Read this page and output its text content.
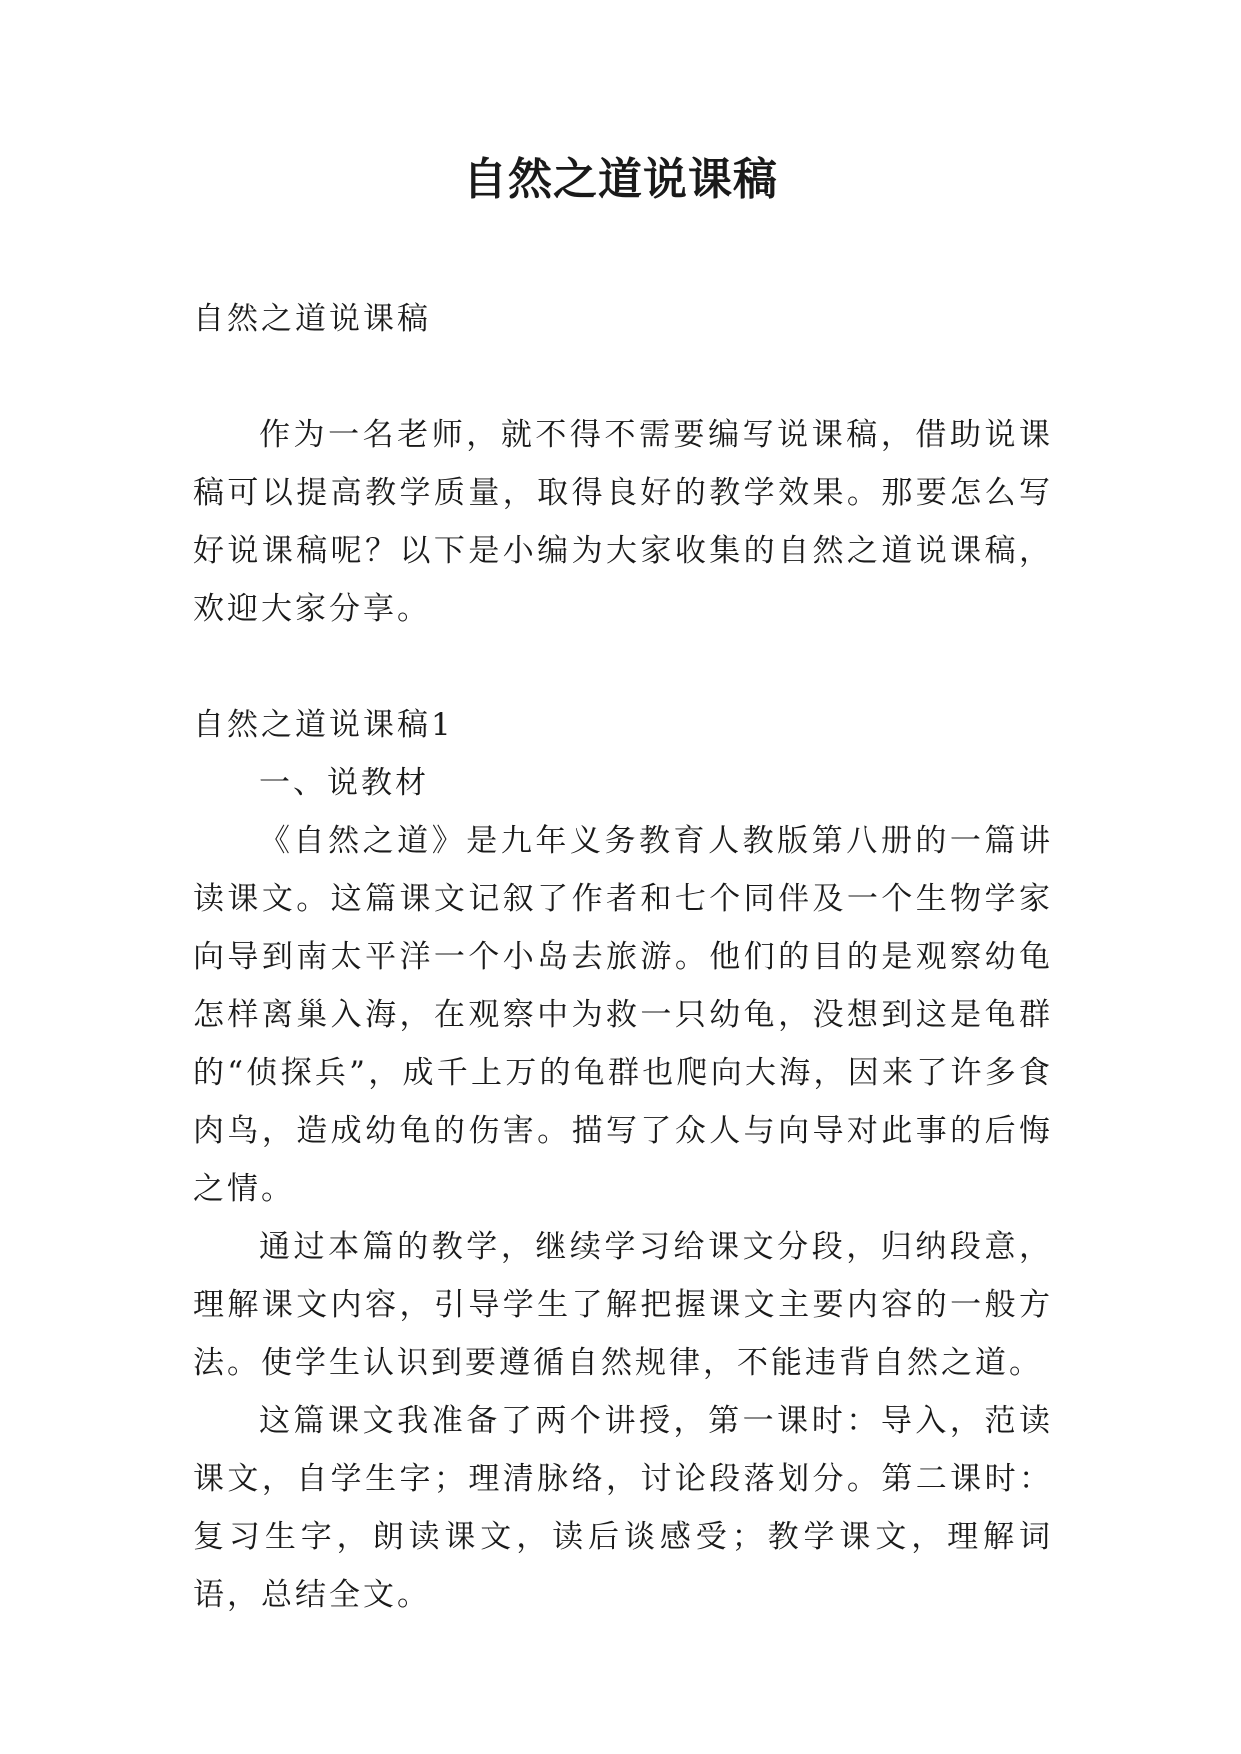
自然之道说课稿

自然之道说课稿

作为一名老师，就不得不需要编写说课稿，借助说课稿可以提高教学质量，取得良好的教学效果。那要怎么写好说课稿呢？以下是小编为大家收集的自然之道说课稿，欢迎大家分享。

自然之道说课稿1

一、说教材

《自然之道》是九年义务教育人教版第八册的一篇讲读课文。这篇课文记叙了作者和七个同伴及一个生物学家向导到南太平洋一个小岛去旅游。他们的目的是观察幼龟怎样离巢入海，在观察中为救一只幼龟，没想到这是龟群的“侦探兵”，成千上万的龟群也爬向大海，因来了许多食肉鸟，造成幼龟的伤害。描写了众人与向导对此事的后悔之情。

通过本篇的教学，继续学习给课文分段，归纳段意，理解课文内容，引导学生了解把握课文主要内容的一般方法。使学生认识到要遵循自然规律，不能违背自然之道。

这篇课文我准备了两个讲授，第一课时：导入，范读课文，自学生字；理清脉络，讨论段落划分。第二课时：复习生字，朗读课文，读后谈感受；教学课文，理解词语，总结全文。
